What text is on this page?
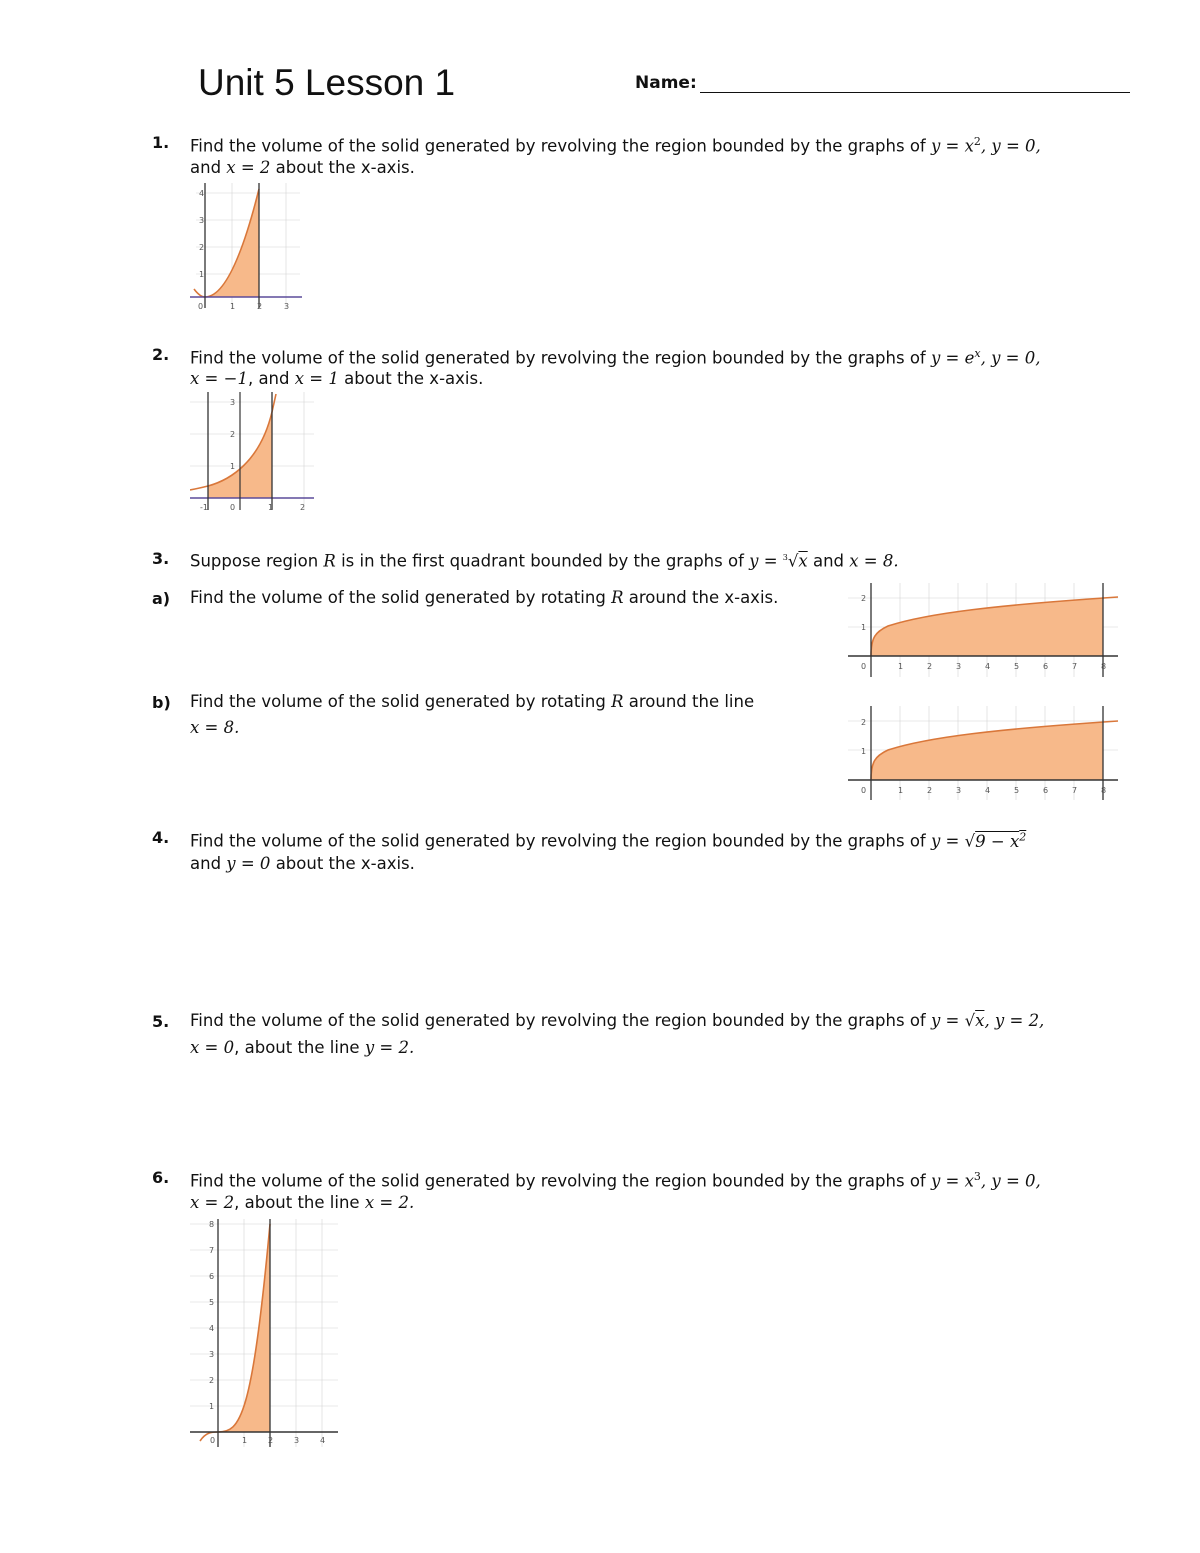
Unit 5 Lesson 1	Name:
1. Find the volume of the solid generated by revolving the region bounded by the graphs of $y = x^2$, y = 0,
and x = 2 about the x-axis.
2. Find the volume of the solid generated by revolving the region bounded by the graphs of $y = e^x$, y = 0,
x = −1, and x = 1 about the x-axis.
3. Suppose region R is in the first quadrant bounded by the graphs of y = $^3$√x and x = 8.
a) Find the volume of the solid generated by rotating R around the x-axis.
b) Find the volume of the solid generated by rotating R around the line
x = 8.
4. Find the volume of the solid generated by revolving the region bounded by the graphs of $y = √9 - x^2$
and y = 0 about the x-axis.
5. Find the volume of the solid generated by revolving the region bounded by the graphs of y = √x, y = 2,
x = 0, about the line y = 2.
6. Find the volume of the solid generated by revolving the region bounded by the graphs of $y = x^3$, y = 0,
x = 2, about the line x = 2.
4
3
2
1
0	1	2	3
3
2
1
-1	0	1	2
2
1
0	1	2	3	4	5	6	7	8
2
1
0	1	2	3	4	5	6	7	8
8
7
6
5
4
3
2
1
0	1	2	3	4
